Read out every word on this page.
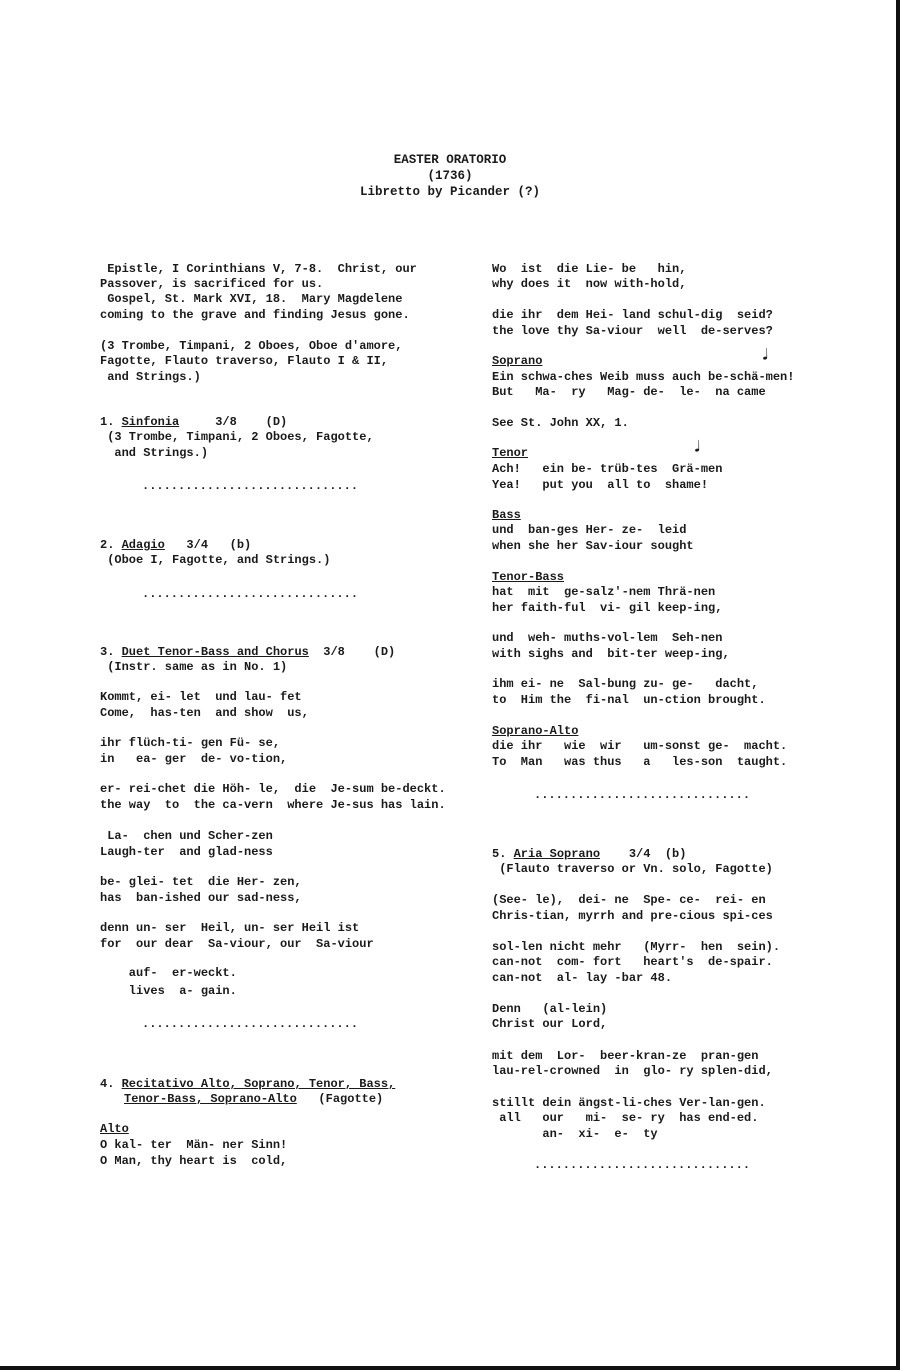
EASTER ORATORIO
(1736)
Libretto by Picander (?)
Epistle, I Corinthians V, 7-8.  Christ, our
Passover, is sacrificed for us.
Gospel, St. Mark XVI, 18.  Mary Magdelene
coming to the grave and finding Jesus gone.
(3 Trombe, Timpani, 2 Oboes, Oboe d'amore,
Fagotte, Flauto traverso, Flauto I & II,
and Strings.)
1. Sinfonia     3/8    (D)
(3 Trombe, Timpani, 2 Oboes, Fagotte,
and Strings.)
..............................
2. Adagio   3/4   (b)
(Oboe I, Fagotte, and Strings.)
..............................
3. Duet Tenor-Bass and Chorus  3/8    (D)
(Instr. same as in No. 1)
Kommt, ei- let  und lau- fet
Come,  has-ten  and show  us,
ihr flüch-ti- gen Fü- se,
in   ea- ger  de- vo-tion,
er- rei-chet die Höh- le,  die  Je-sum be-deckt.
the way  to  the ca-vern  where Je-sus has lain.
La-  chen und Scher-zen
Laugh-ter  and glad-ness
be- glei- tet  die Her- zen,
has  ban-ished our sad-ness,
denn un- ser  Heil, un- ser Heil ist
for  our dear  Sa-viour, our  Sa-viour
auf-  er-weckt.
lives  a- gain.
..............................
4. Recitativo Alto, Soprano, Tenor, Bass,
Tenor-Bass, Soprano-Alto   (Fagotte)
Alto
O kal- ter  Män- ner Sinn!
O Man, thy heart is  cold,
Wo  ist  die Lie- be   hin,
why does it  now with-hold,
die ihr  dem Hei- land schul-dig  seid?
the love thy Sa-viour  well  de-serves?
Soprano	♩
Ein schwa-ches Weib muss auch be-schä-men!
But   Ma-  ry   Mag- de-  le-  na came
See St. John XX, 1.
Tenor	♩
Ach!   ein be- trüb-tes  Grä-men
Yea!   put you  all to  shame!
Bass
und  ban-ges Her- ze-  leid
when she her Sav-iour sought
Tenor-Bass
hat  mit  ge-salz'-nem Thrä-nen
her faith-ful  vi- gil keep-ing,
und  weh- muths-vol-lem  Seh-nen
with sighs and  bit-ter weep-ing,
ihm ei- ne  Sal-bung zu- ge-   dacht,
to  Him the  fi-nal  un-ction brought.
Soprano-Alto
die ihr   wie  wir   um-sonst ge-  macht.
To  Man   was thus   a   les-son  taught.
..............................
5. Aria Soprano    3/4  (b)
(Flauto traverso or Vn. solo, Fagotte)
(See- le),  dei- ne  Spe- ce-  rei- en
Chris-tian, myrrh and pre-cious spi-ces
sol-len nicht mehr   (Myrr-  hen  sein).
can-not  com- fort   heart's  de-spair.
can-not  al- lay -bar 48.
Denn   (al-lein)
Christ our Lord,
mit dem  Lor-  beer-kran-ze  pran-gen
lau-rel-crowned  in  glo- ry splen-did,
stillt dein ängst-li-ches Ver-lan-gen.
all   our   mi-  se- ry  has end-ed.
an-  xi-  e-  ty
..............................
